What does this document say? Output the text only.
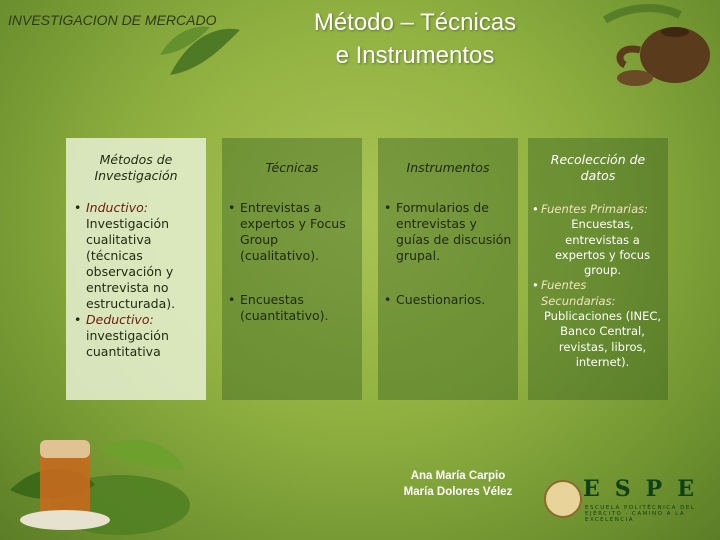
INVESTIGACION DE MERCADO	Método – Técnicas
e Instrumentos
Métodos de Investigación
• Inductivo:
Investigación cualitativa (técnicas observación y entrevista no estructurada).
• Deductivo:
investigación cuantitativa
Técnicas
• Entrevistas a expertos y Focus Group (cualitativo).
• Encuestas (cuantitativo).
Instrumentos
• Formularios de entrevistas y guías de discusión grupal.
• Cuestionarios.
Recolección de datos
• Fuentes Primarias:
Encuestas, entrevistas a expertos y focus group.
• Fuentes Secundarias:
Publicaciones (INEC, Banco Central, revistas, libros, internet).
Ana María Carpio
María Dolores Vélez	ESPE
ESCUELA POLITÉCNICA DEL EJÉRCITO · CAMINO A LA EXCELENCIA
